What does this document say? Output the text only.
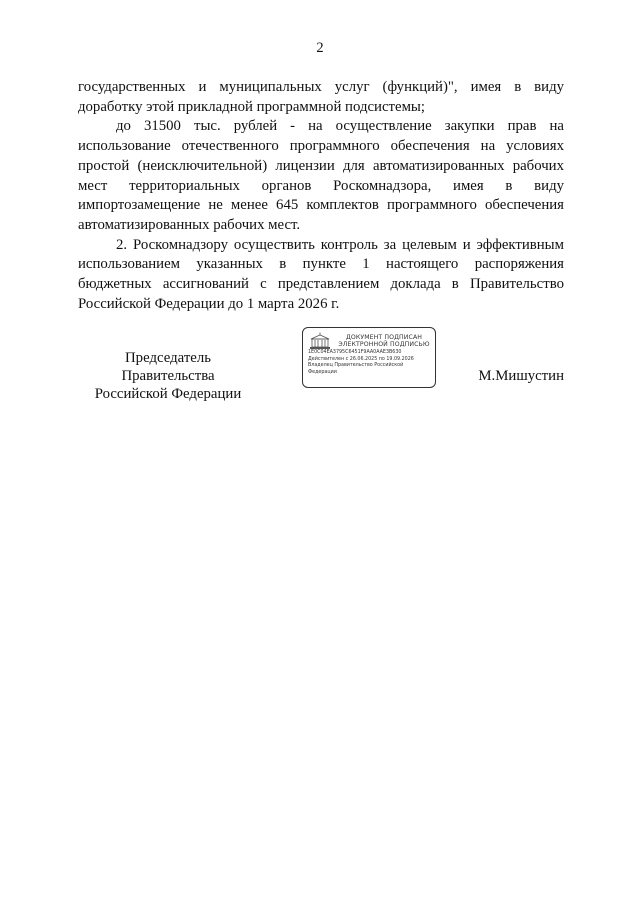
2

государственных и муниципальных услуг (функций)", имея в виду доработку этой прикладной программной подсистемы;

до 31500 тыс. рублей - на осуществление закупки прав на использование отечественного программного обеспечения на условиях простой (неисключительной) лицензии для автоматизированных рабочих мест территориальных органов Роскомнадзора, имея в виду импортозамещение не менее 645 комплектов программного обеспечения автоматизированных рабочих мест.

2. Роскомнадзору осуществить контроль за целевым и эффективным использованием указанных в пункте 1 настоящего распоряжения бюджетных ассигнований с представлением доклада в Правительство Российской Федерации до 1 марта 2026 г.

Председатель Правительства
Российской Федерации
ДОКУМЕНТ ПОДПИСАН
ЭЛЕКТРОННОЙ ПОДПИСЬЮ
1E0C04EA3795C6451F9AA0AAE3B630
Действителен с 26.06.2025 по 19.09.2026
Владелец Правительство Российской
Федерации	М.Мишустин
